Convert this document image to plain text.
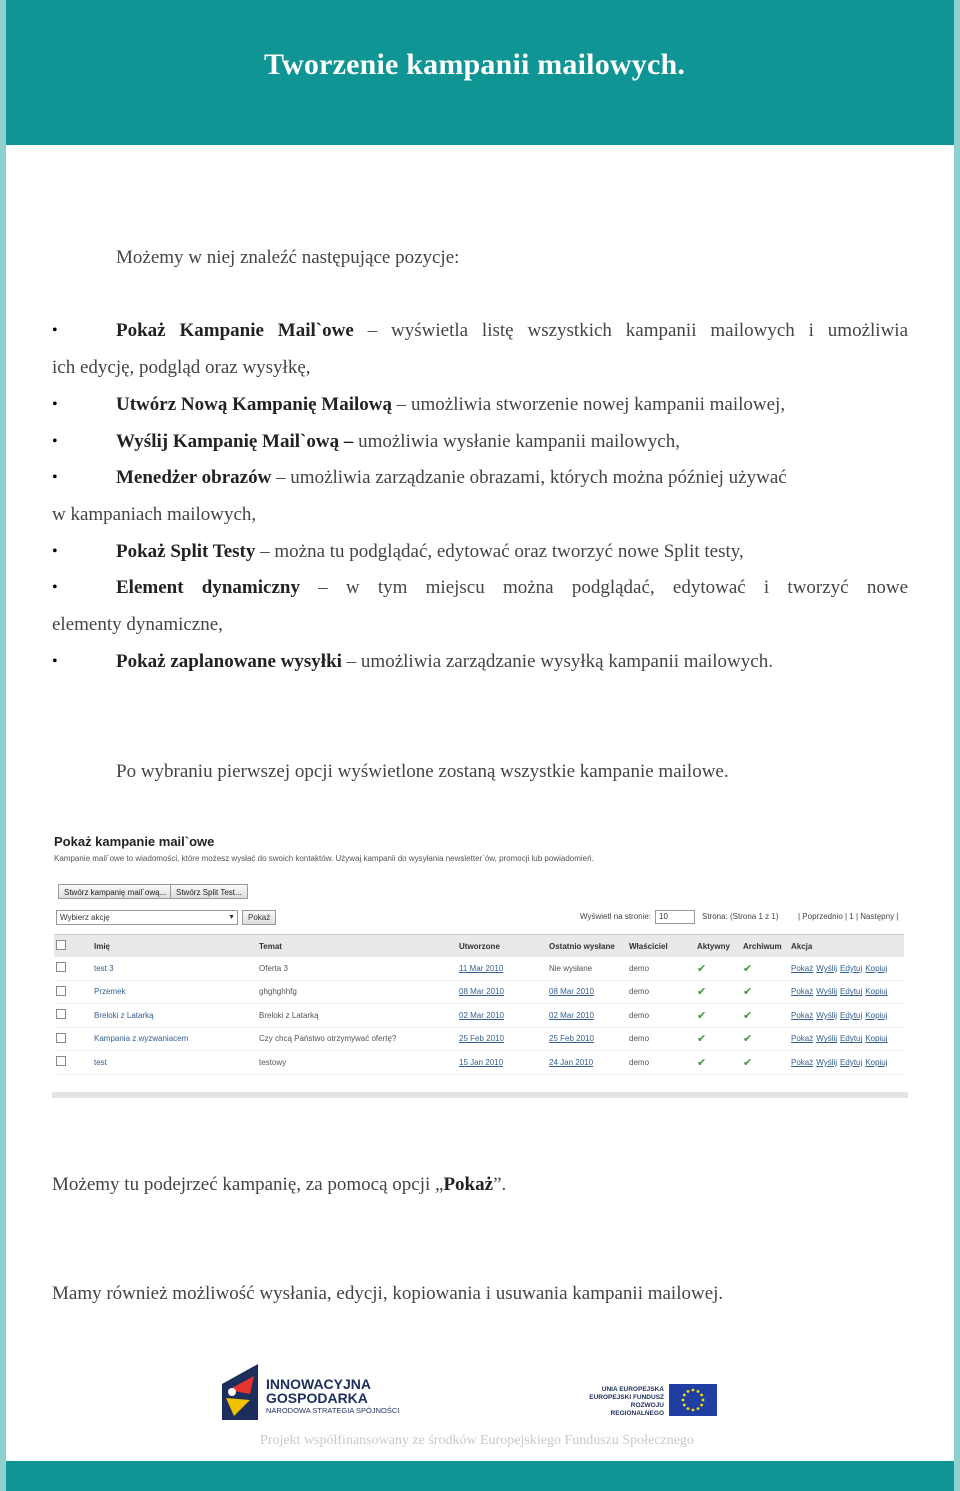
Tworzenie kampanii mailowych.
Możemy w niej znaleźć następujące pozycje:
•	Pokaż Kampanie Mail`owe – wyświetla listę wszystkich kampanii mailowych i umożliwia
ich edycję, podgląd oraz wysyłkę,
•	Utwórz Nową Kampanię Mailową – umożliwia stworzenie nowej kampanii mailowej,
•	Wyślij Kampanię Mail`ową – umożliwia wysłanie kampanii mailowych,
•	Menedżer obrazów – umożliwia zarządzanie obrazami, których można później używać
w kampaniach mailowych,
•	Pokaż Split Testy – można tu podglądać, edytować oraz tworzyć nowe Split testy,
•	Element dynamiczny – w tym miejscu można podglądać, edytować i tworzyć nowe
elementy dynamiczne,
•	Pokaż zaplanowane wysyłki – umożliwia zarządzanie wysyłką kampanii mailowych.
Po wybraniu pierwszej opcji wyświetlone zostaną wszystkie kampanie mailowe.
Pokaż kampanie mail`owe
Kampanie mail`owe to wiadomości, które możesz wysłać do swoich kontaktów. Używaj kampanii do wysyłania newsletter`ów, promocji lub powiadomień.
Stwórz kampanię mail`ową...	Stwórz Split Test...
Wybierz akcję	▼	Pokaż	Wyświetl na stronie: 10	Strona: (Strona 1 z 1) | Poprzednio | 1 | Następny |
	Imię	Temat	Utworzone	Ostatnio wysłane	Właściciel	Aktywny	Archiwum	Akcja
	test 3	Oferta 3	11 Mar 2010	Nie wysłane	demo	✔	✔	Pokaż Wyślij Edytuj Kopiuj
	Przemek	ghghghhfg	08 Mar 2010	08 Mar 2010	demo	✔	✔	Pokaż Wyślij Edytuj Kopiuj
	Breloki z Latarką	Breloki z Latarką	02 Mar 2010	02 Mar 2010	demo	✔	✔	Pokaż Wyślij Edytuj Kopiuj
	Kampania z wyzwaniacem	Czy chcą Państwo otrzymywać ofertę?	25 Feb 2010	25 Feb 2010	demo	✔	✔	Pokaż Wyślij Edytuj Kopiuj
	test	testowy	15 Jan 2010	24 Jan 2010	demo	✔	✔	Pokaż Wyślij Edytuj Kopiuj
Możemy tu podejrzeć kampanię, za pomocą opcji „Pokaż”.
Mamy również możliwość wysłania, edycji, kopiowania i usuwania kampanii mailowej.
INNOWACYJNA
GOSPODARKA
NARODOWA STRATEGIA SPÓJNOŚCI
UNIA EUROPEJSKA
EUROPEJSKI FUNDUSZ
ROZWOJU REGIONALNEGO
Projekt współfinansowany ze środków Europejskiego Funduszu Społecznego
